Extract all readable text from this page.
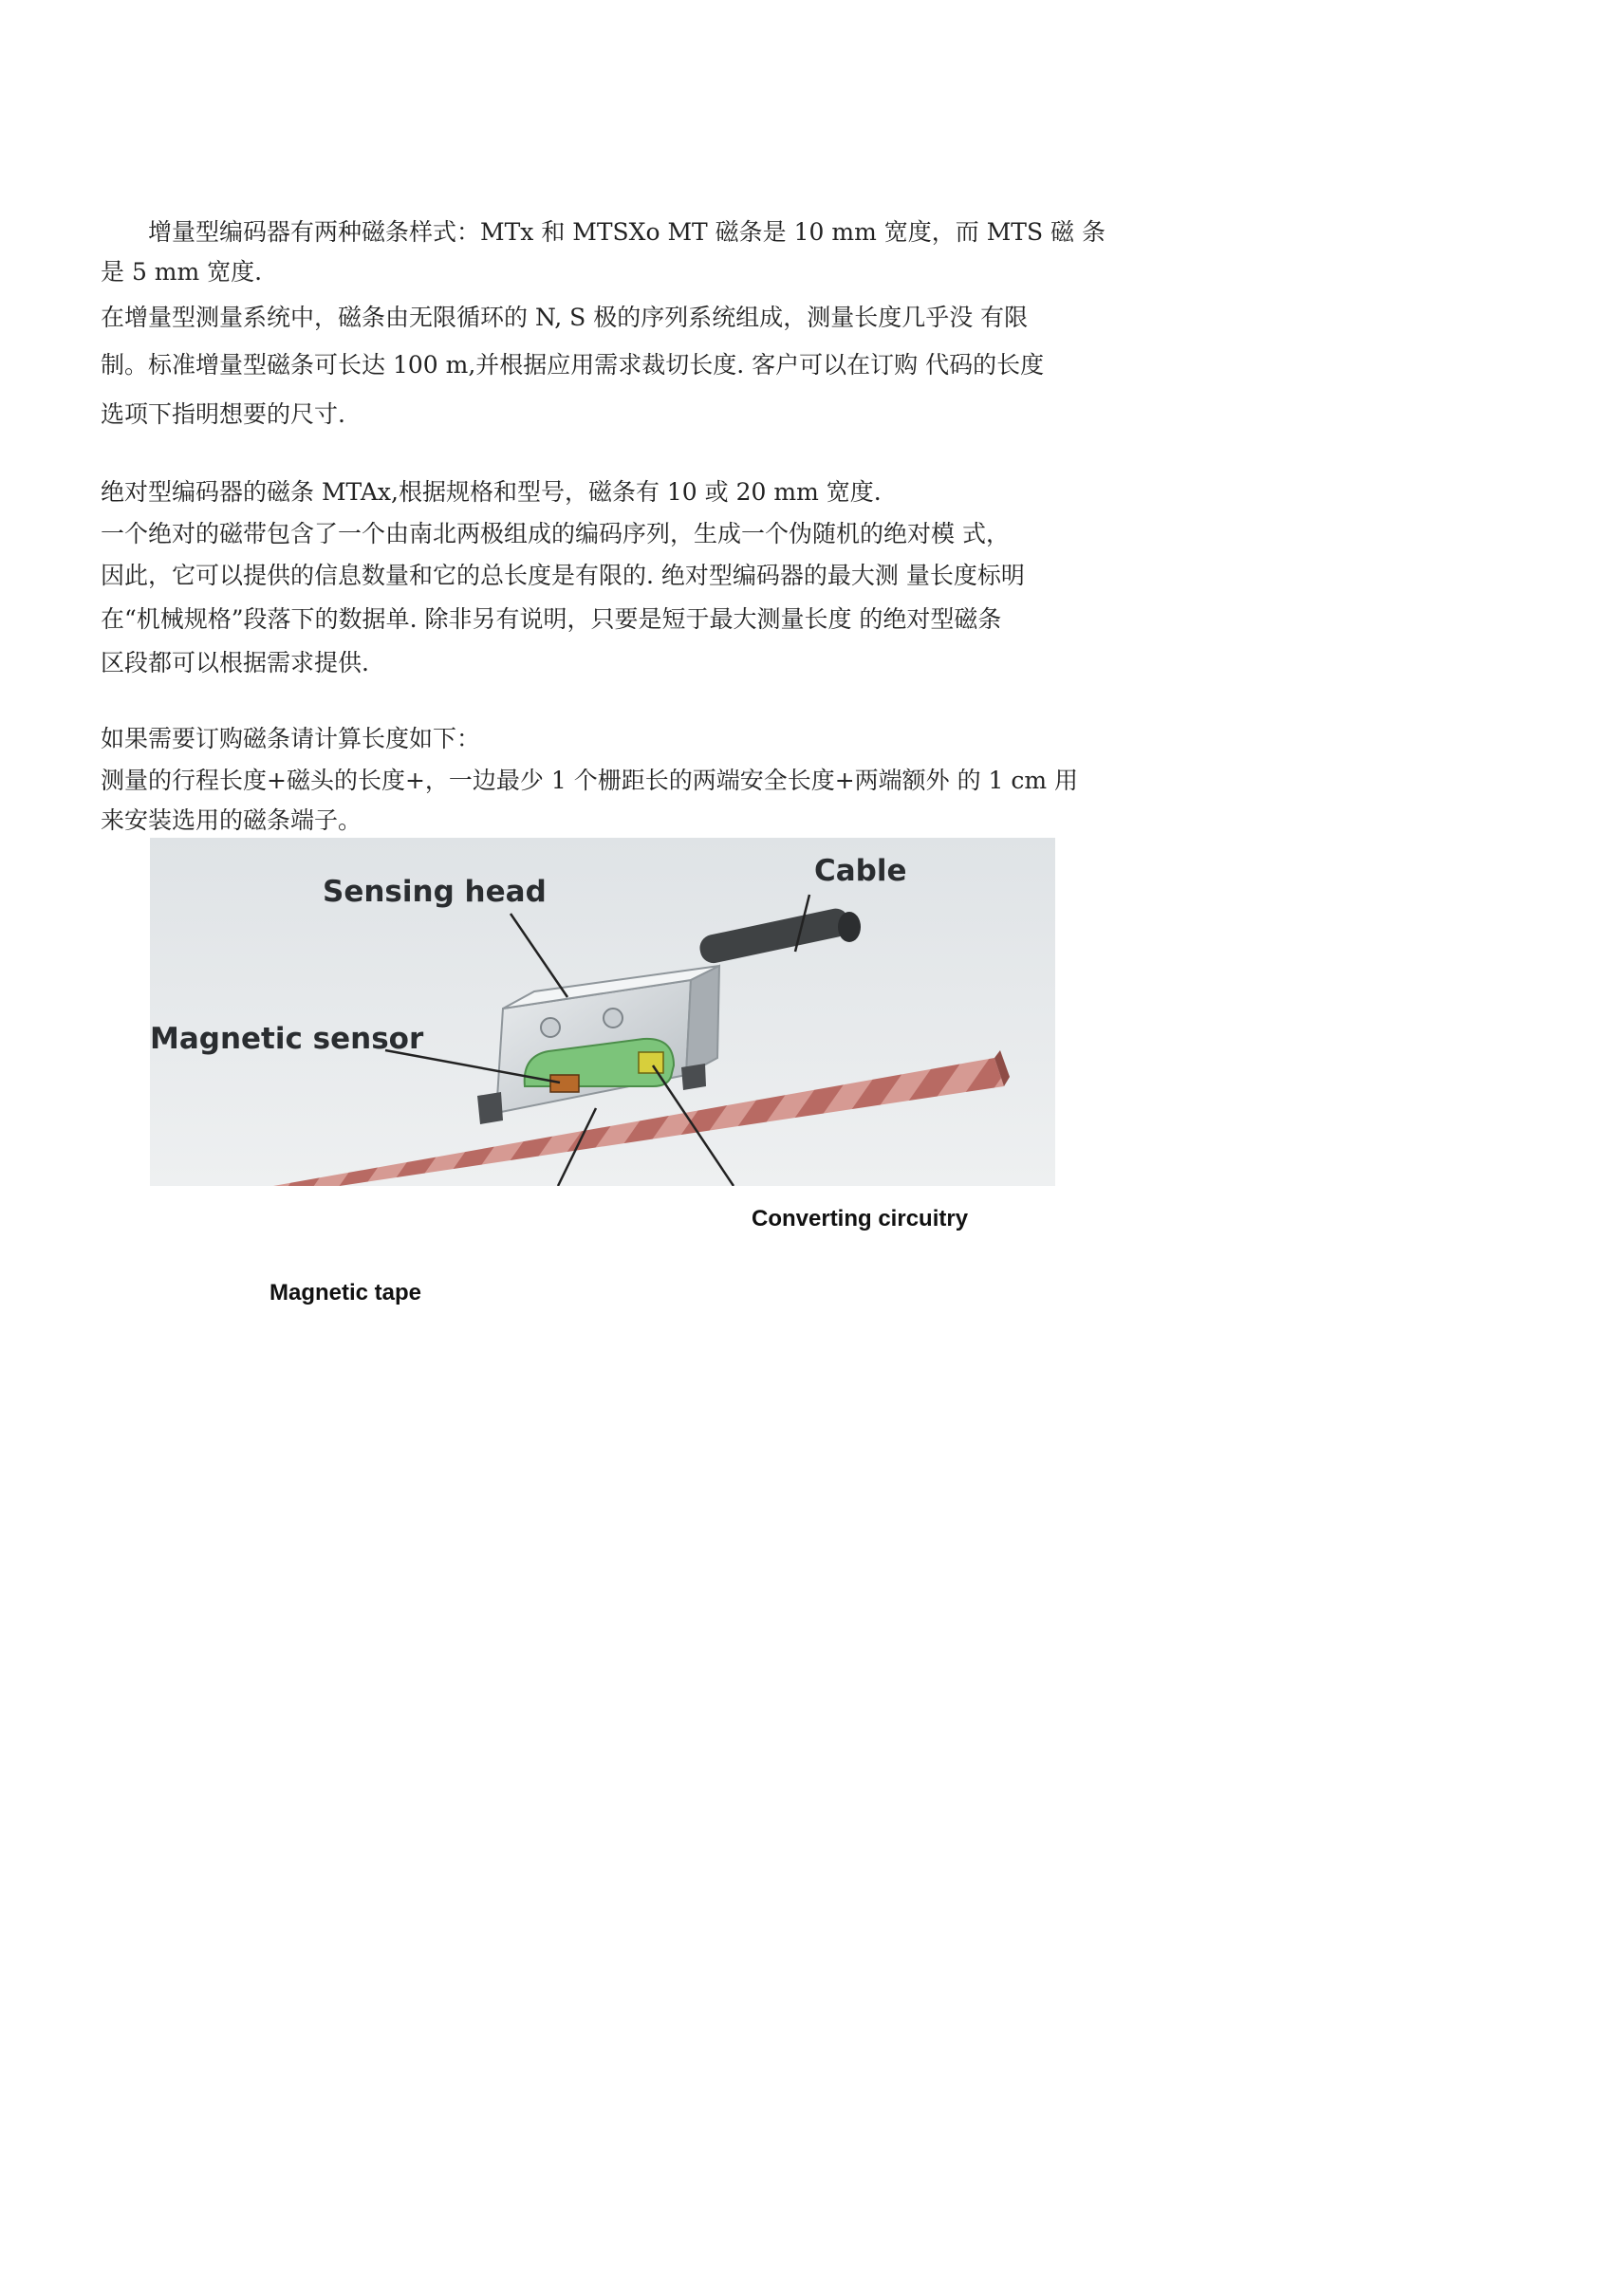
　　增量型编码器有两种磁条样式：MTx 和 MTSXo MT 磁条是 10 mm 宽度，而 MTS 磁 条
是 5 mm 宽度.
在增量型测量系统中，磁条由无限循环的 N, S 极的序列系统组成，测量长度几乎没 有限
制。标准增量型磁条可长达 100 m,并根据应用需求裁切长度. 客户可以在订购 代码的长度
选项下指明想要的尺寸.
绝对型编码器的磁条 MTAx,根据规格和型号，磁条有 10 或 20 mm 宽度.
一个绝对的磁带包含了一个由南北两极组成的编码序列，生成一个伪随机的绝对模 式，
因此，它可以提供的信息数量和它的总长度是有限的. 绝对型编码器的最大测 量长度标明
在“机械规格”段落下的数据单. 除非另有说明，只要是短于最大测量长度 的绝对型磁条
区段都可以根据需求提供.
如果需要订购磁条请计算长度如下：
测量的行程长度+磁头的长度+，一边最少 1 个栅距长的两端安全长度+两端额外 的 1 cm 用
来安装选用的磁条端子。
Sensing head
Cable
Magnetic sensor
Converting circuitry
Magnetic tape
